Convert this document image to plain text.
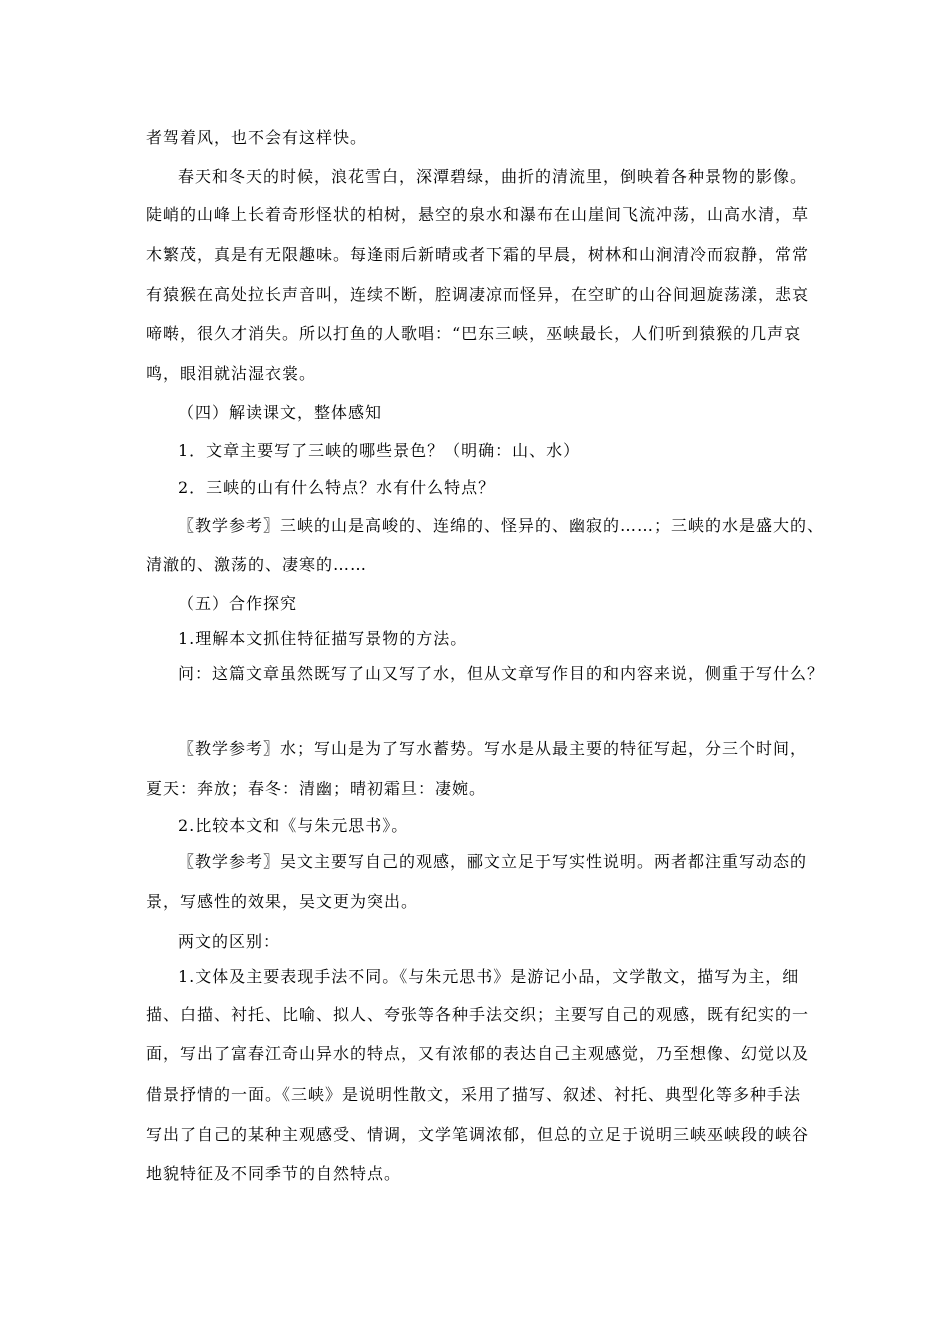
者驾着风，也不会有这样快。
春天和冬天的时候，浪花雪白，深潭碧绿，曲折的清流里，倒映着各种景物的影像。
陡峭的山峰上长着奇形怪状的柏树，悬空的泉水和瀑布在山崖间飞流冲荡，山高水清，草
木繁茂，真是有无限趣味。每逢雨后新晴或者下霜的早晨，树林和山涧清冷而寂静，常常
有猿猴在高处拉长声音叫，连续不断，腔调凄凉而怪异，在空旷的山谷间迴旋荡漾，悲哀
啼啭，很久才消失。所以打鱼的人歌唱：“巴东三峡，巫峡最长，人们听到猿猴的几声哀
鸣，眼泪就沾湿衣裳。
（四）解读课文，整体感知
1．文章主要写了三峡的哪些景色？（明确：山、水）
2．三峡的山有什么特点？水有什么特点？
〖教学参考〗三峡的山是高峻的、连绵的、怪异的、幽寂的……；三峡的水是盛大的、
清澈的、激荡的、凄寒的……
（五）合作探究
1.理解本文抓住特征描写景物的方法。
问：这篇文章虽然既写了山又写了水，但从文章写作目的和内容来说，侧重于写什么？
〖教学参考〗水；写山是为了写水蓄势。写水是从最主要的特征写起，分三个时间，
夏天：奔放；春冬：清幽；晴初霜旦：凄婉。
2.比较本文和《与朱元思书》。
〖教学参考〗吴文主要写自己的观感，郦文立足于写实性说明。两者都注重写动态的
景，写感性的效果，吴文更为突出。
两文的区别：
1.文体及主要表现手法不同。《与朱元思书》是游记小品，文学散文，描写为主，细
描、白描、衬托、比喻、拟人、夸张等各种手法交织；主要写自己的观感，既有纪实的一
面，写出了富春江奇山异水的特点，又有浓郁的表达自己主观感觉，乃至想像、幻觉以及
借景抒情的一面。《三峡》是说明性散文，采用了描写、叙述、衬托、典型化等多种手法
写出了自己的某种主观感受、情调，文学笔调浓郁，但总的立足于说明三峡巫峡段的峡谷
地貌特征及不同季节的自然特点。
